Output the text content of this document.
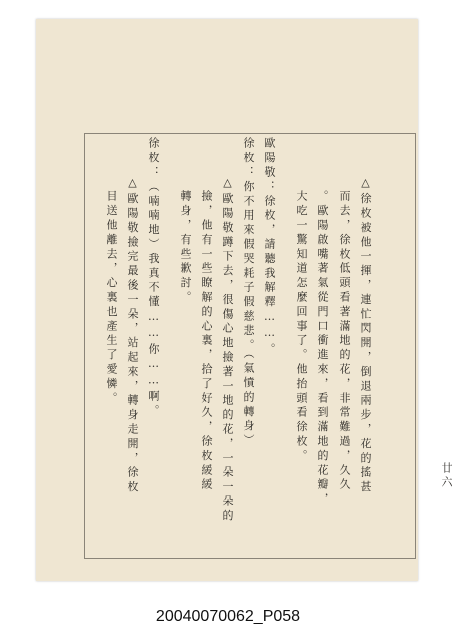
△徐枚被他一揮，連忙閃開，倒退兩步，花的搖甚
而去，徐枚低頭看著滿地的花，非常難過，久久
。歐陽啟嘴著氣從門口衝進來，看到滿地的花瓣，
大吃一驚知道怎麼回事了。他抬頭看徐枚。
歐陽敬：徐枚，請聽我解釋……。
徐枚：你不用來假哭耗子假慈悲。（氣憤的轉身）
△歐陽敬蹲下去，很傷心地撿著一地的花，一朵一朵的
撿，他有一些瞭解的心裏，拾了好久，徐枚緩緩
轉身，有些歉討。
徐枚：（喃喃地）我真不懂……你……啊。
△歐陽敬撿完最後一朵，站起來，轉身走開，徐枚
目送他離去，心裏也產生了愛憐。
廿六
20040070062_P058
